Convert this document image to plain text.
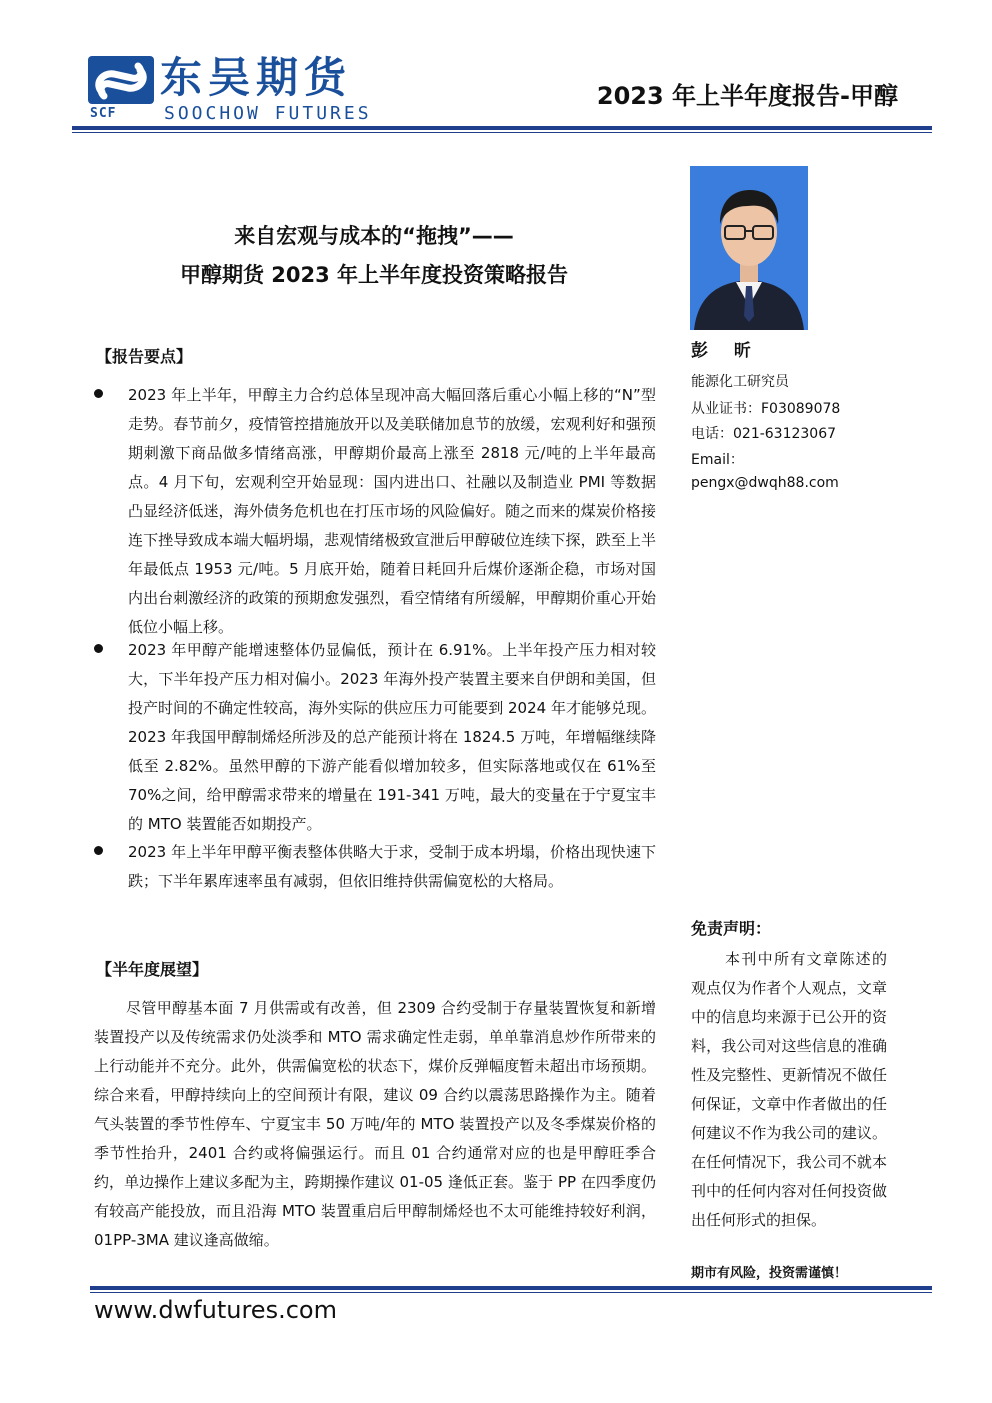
SCF
东吴期货
SOOCHOW FUTURES
2023 年上半年度报告-甲醇
来自宏观与成本的“拖拽”——
甲醇期货 2023 年上半年度投资策略报告
【报告要点】
2023 年上半年，甲醇主力合约总体呈现冲高大幅回落后重心小幅上移的“N”型走势。春节前夕，疫情管控措施放开以及美联储加息节的放缓，宏观利好和强预期刺激下商品做多情绪高涨，甲醇期价最高上涨至 2818 元/吨的上半年最高点。4 月下旬，宏观利空开始显现：国内进出口、社融以及制造业 PMI 等数据凸显经济低迷，海外债务危机也在打压市场的风险偏好。随之而来的煤炭价格接连下挫导致成本端大幅坍塌，悲观情绪极致宣泄后甲醇破位连续下探，跌至上半年最低点 1953 元/吨。5 月底开始，随着日耗回升后煤价逐渐企稳，市场对国内出台刺激经济的政策的预期愈发强烈，看空情绪有所缓解，甲醇期价重心开始低位小幅上移。
2023 年甲醇产能增速整体仍显偏低，预计在 6.91%。上半年投产压力相对较大，下半年投产压力相对偏小。2023 年海外投产装置主要来自伊朗和美国，但投产时间的不确定性较高，海外实际的供应压力可能要到 2024 年才能够兑现。2023 年我国甲醇制烯烃所涉及的总产能预计将在 1824.5 万吨，年增幅继续降低至 2.82%。虽然甲醇的下游产能看似增加较多，但实际落地或仅在 61%至 70%之间，给甲醇需求带来的增量在 191-341 万吨，最大的变量在于宁夏宝丰的 MTO 装置能否如期投产。
2023 年上半年甲醇平衡表整体供略大于求，受制于成本坍塌，价格出现快速下跌；下半年累库速率虽有减弱，但依旧维持供需偏宽松的大格局。
【半年度展望】
尽管甲醇基本面 7 月供需或有改善，但 2309 合约受制于存量装置恢复和新增装置投产以及传统需求仍处淡季和 MTO 需求确定性走弱，单单靠消息炒作所带来的上行动能并不充分。此外，供需偏宽松的状态下，煤价反弹幅度暂未超出市场预期。综合来看，甲醇持续向上的空间预计有限，建议 09 合约以震荡思路操作为主。随着气头装置的季节性停车、宁夏宝丰 50 万吨/年的 MTO 装置投产以及冬季煤炭价格的季节性抬升，2401 合约或将偏强运行。而且 01 合约通常对应的也是甲醇旺季合约，单边操作上建议多配为主，跨期操作建议 01-05 逢低正套。鉴于 PP 在四季度仍有较高产能投放，而且沿海 MTO 装置重启后甲醇制烯烃也不太可能维持较好利润，01PP-3MA 建议逢高做缩。
彭 昕
能源化工研究员
从业证书：F03089078
电话：021-63123067
Email：
pengx@dwqh88.com
免责声明：
本刊中所有文章陈述的观点仅为作者个人观点，文章中的信息均来源于已公开的资料，我公司对这些信息的准确性及完整性、更新情况不做任何保证，文章中作者做出的任何建议不作为我公司的建议。在任何情况下，我公司不就本刊中的任何内容对任何投资做出任何形式的担保。
期市有风险，投资需谨慎！
www.dwfutures.com
